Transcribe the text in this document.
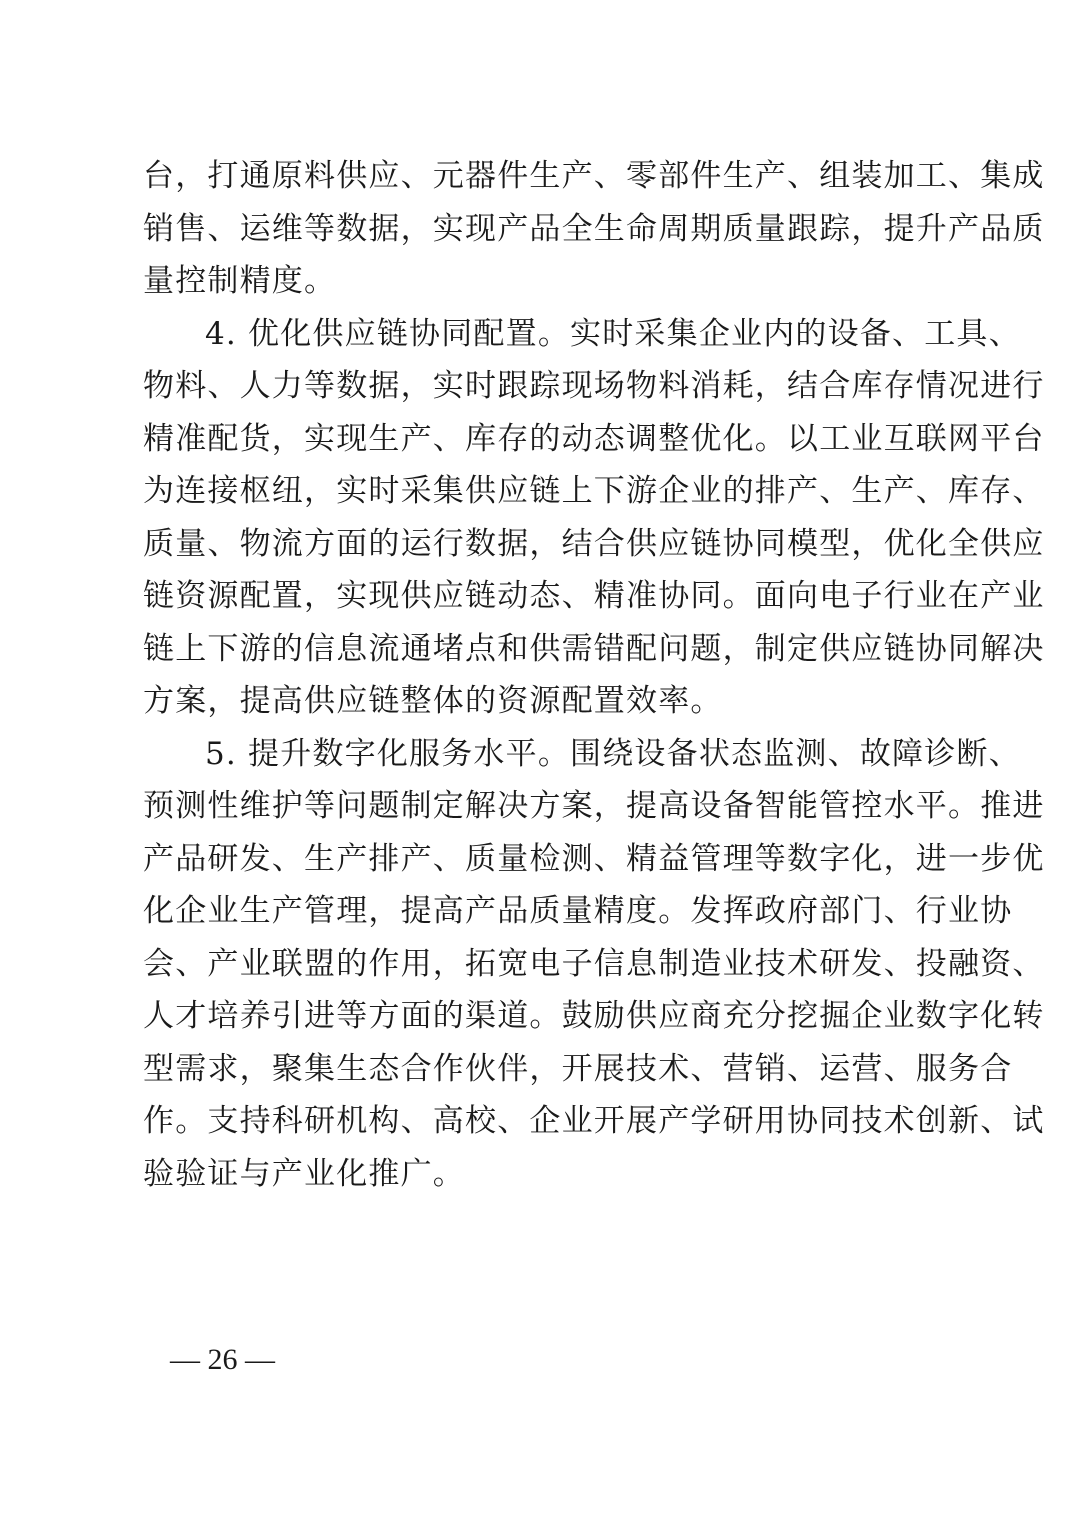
台，打通原料供应、元器件生产、零部件生产、组装加工、集成
销售、运维等数据，实现产品全生命周期质量跟踪，提升产品质
量控制精度。
4. 优化供应链协同配置。实时采集企业内的设备、工具、
物料、人力等数据，实时跟踪现场物料消耗，结合库存情况进行
精准配货，实现生产、库存的动态调整优化。以工业互联网平台
为连接枢纽，实时采集供应链上下游企业的排产、生产、库存、
质量、物流方面的运行数据，结合供应链协同模型，优化全供应
链资源配置，实现供应链动态、精准协同。面向电子行业在产业
链上下游的信息流通堵点和供需错配问题，制定供应链协同解决
方案，提高供应链整体的资源配置效率。
5. 提升数字化服务水平。围绕设备状态监测、故障诊断、
预测性维护等问题制定解决方案，提高设备智能管控水平。推进
产品研发、生产排产、质量检测、精益管理等数字化，进一步优
化企业生产管理，提高产品质量精度。发挥政府部门、行业协
会、产业联盟的作用，拓宽电子信息制造业技术研发、投融资、
人才培养引进等方面的渠道。鼓励供应商充分挖掘企业数字化转
型需求，聚集生态合作伙伴，开展技术、营销、运营、服务合
作。支持科研机构、高校、企业开展产学研用协同技术创新、试
验验证与产业化推广。
— 26 —
